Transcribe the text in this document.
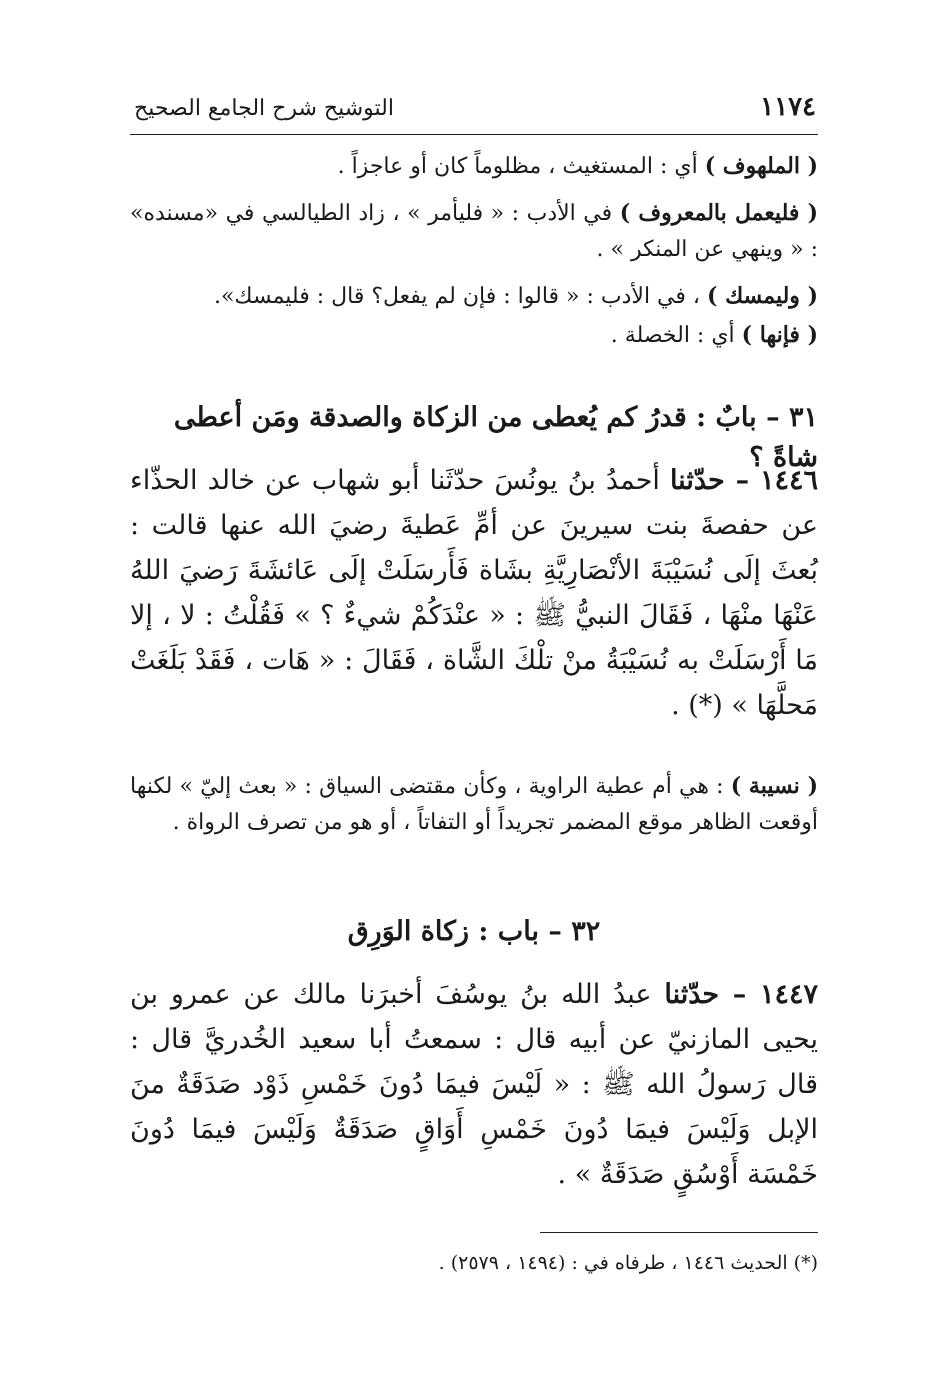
١١٧٤
التوشيح شرح الجامع الصحيح

( الملهوف ) أي : المستغيث ، مظلوماً كان أو عاجزاً .

( فليعمل بالمعروف ) في الأدب : « فليأمر » ، زاد الطيالسي في «مسنده» : « وينهي عن المنكر » .

( وليمسك ) ، في الأدب : « قالوا : فإن لم يفعل؟ قال : فليمسك».

( فإنها ) أي : الخصلة .

٣١ – بابٌ : قدرُ كم يُعطى من الزكاة والصدقة ومَن أعطى شاةً ؟
١٤٤٦ – حدّثنا أحمدُ بنُ يونُسَ حدّثَنا أبو شهاب عن خالد الحذّاء عن حفصةَ بنت سيرينَ عن أمِّ عَطيةَ رضيَ الله عنها قالت : بُعثَ إلَى نُسَيْبَةَ الأنْصَارِيَّةِ بشَاة فَأَرسَلَتْ إلَى عَائشَةَ رَضيَ اللهُ عَنْهَا منْهَا ، فَقَالَ النبيُّ ﷺ : « عنْدَكُمْ شيءٌ ؟ » فَقُلْتُ : لا ، إلا مَا أَرْسَلَتْ به نُسَيْبَةُ منْ تلْكَ الشَّاة ، فَقَالَ : « هَات ، فَقَدْ بَلَغَتْ مَحلَّهَا » (*) .
( نسيبة ) : هي أم عطية الراوية ، وكأن مقتضى السياق : « بعث إليّ » لكنها أوقعت الظاهر موقع المضمر تجريداً أو التفاتاً ، أو هو من تصرف الرواة .
٣٢ – باب : زكاة الوَرِق
١٤٤٧ – حدّثنا عبدُ الله بنُ يوسُفَ أخبرَنا مالك عن عمرو بن يحيى المازنيّ عن أبيه قال : سمعتُ أبا سعيد الخُدريَّ قال : قال رَسولُ الله ﷺ : « لَيْسَ فيمَا دُونَ خَمْسِ ذَوْد صَدَقَةٌ منَ الإبل وَلَيْسَ فيمَا دُونَ خَمْسِ أَوَاقٍ صَدَقَةٌ وَلَيْسَ فيمَا دُونَ خَمْسَة أَوْسُقٍ صَدَقَةٌ » .
(*) الحديث ١٤٤٦ ، طرفاه في : (١٤٩٤ ، ٢٥٧٩) .
